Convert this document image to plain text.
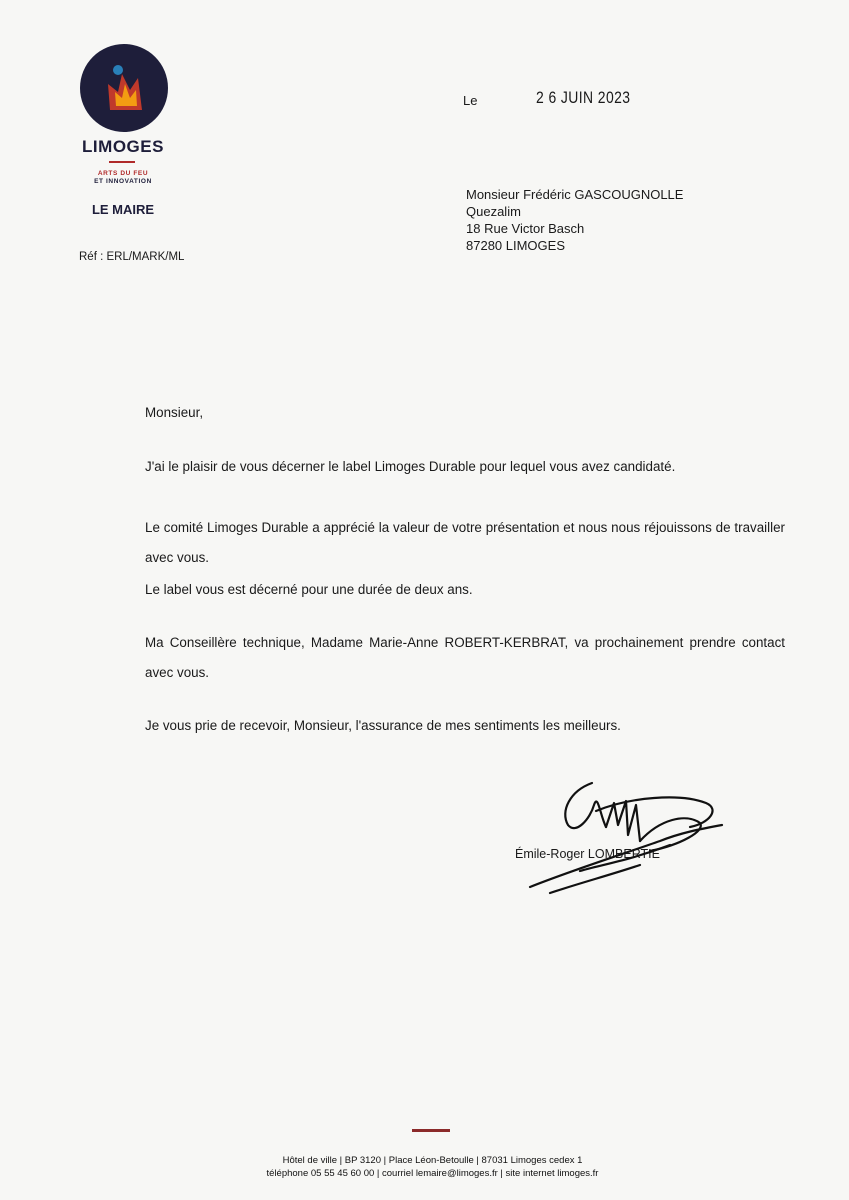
LIMOGES
ARTS DU FEU
ET INNOVATION
LE MAIRE
Réf : ERL/MARK/ML
Le	2 6 JUIN 2023
Monsieur Frédéric GASCOUGNOLLE
Quezalim
18 Rue Victor Basch
87280 LIMOGES
Monsieur,
J'ai le plaisir de vous décerner le label Limoges Durable pour lequel vous avez candidaté.
Le comité Limoges Durable a apprécié la valeur de votre présentation et nous nous réjouissons de travailler avec vous.
Le label vous est décerné pour une durée de deux ans.
Ma Conseillère technique, Madame Marie-Anne ROBERT-KERBRAT, va prochainement prendre contact avec vous.
Je vous prie de recevoir, Monsieur, l'assurance de mes sentiments les meilleurs.
Émile-Roger LOMBERTIE
Hôtel de ville | BP 3120 | Place Léon-Betoulle | 87031 Limoges cedex 1
téléphone 05 55 45 60 00 | courriel lemaire@limoges.fr | site internet limoges.fr
